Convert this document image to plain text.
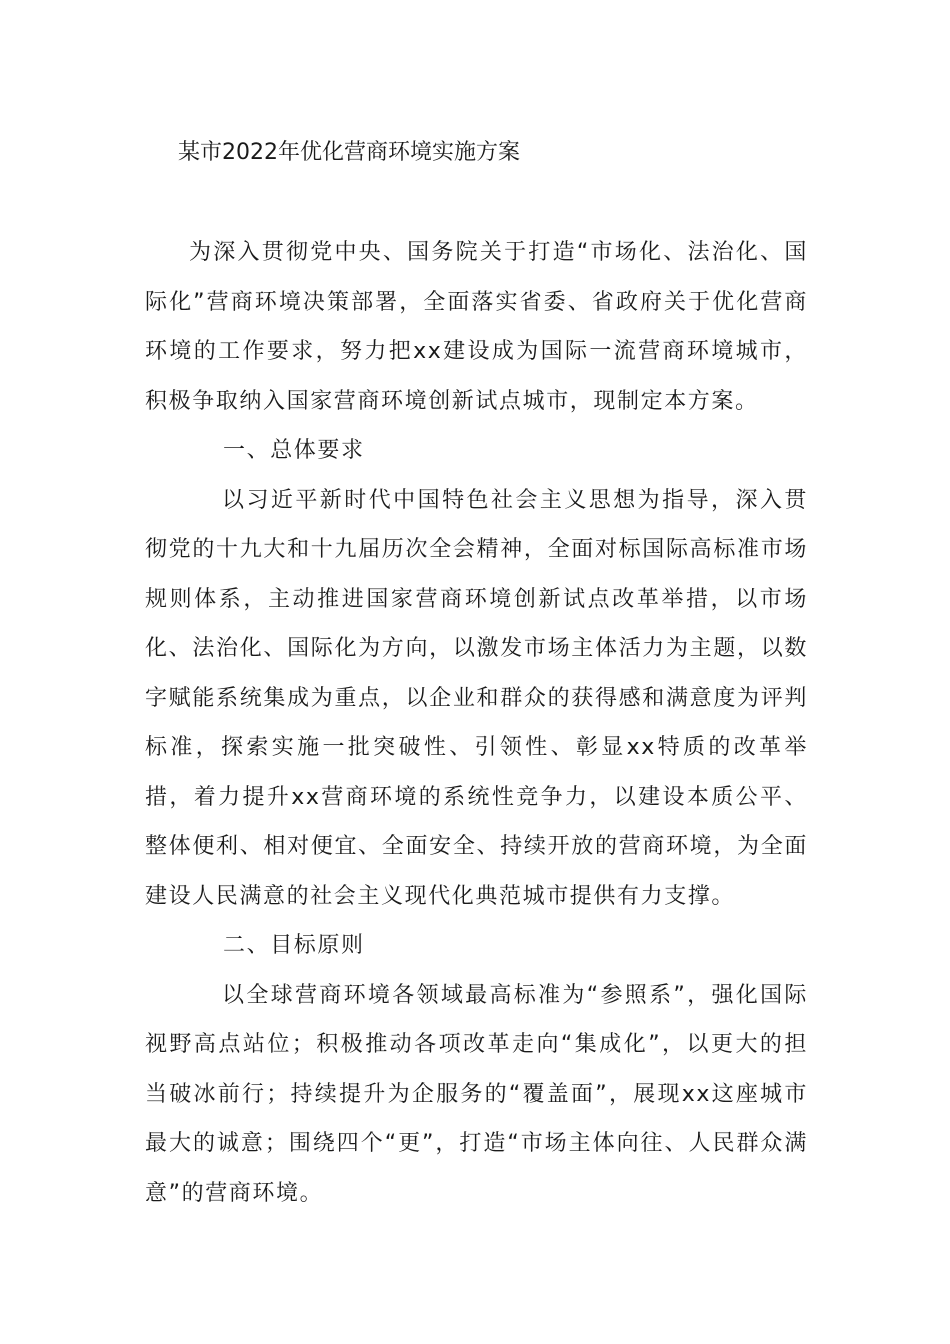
某市2022年优化营商环境实施方案

为深入贯彻党中央、国务院关于打造“市场化、法治化、国际化”营商环境决策部署，全面落实省委、省政府关于优化营商环境的工作要求，努力把xx建设成为国际一流营商环境城市，积极争取纳入国家营商环境创新试点城市，现制定本方案。

一、总体要求

以习近平新时代中国特色社会主义思想为指导，深入贯彻党的十九大和十九届历次全会精神，全面对标国际高标准市场规则体系，主动推进国家营商环境创新试点改革举措，以市场化、法治化、国际化为方向，以激发市场主体活力为主题，以数字赋能系统集成为重点，以企业和群众的获得感和满意度为评判标准，探索实施一批突破性、引领性、彰显xx特质的改革举措，着力提升xx营商环境的系统性竞争力，以建设本质公平、整体便利、相对便宜、全面安全、持续开放的营商环境，为全面建设人民满意的社会主义现代化典范城市提供有力支撑。

二、目标原则

以全球营商环境各领域最高标准为“参照系”，强化国际视野高点站位；积极推动各项改革走向“集成化”，以更大的担当破冰前行；持续提升为企服务的“覆盖面”，展现xx这座城市最大的诚意；围绕四个“更”，打造“市场主体向往、人民群众满意”的营商环境。
